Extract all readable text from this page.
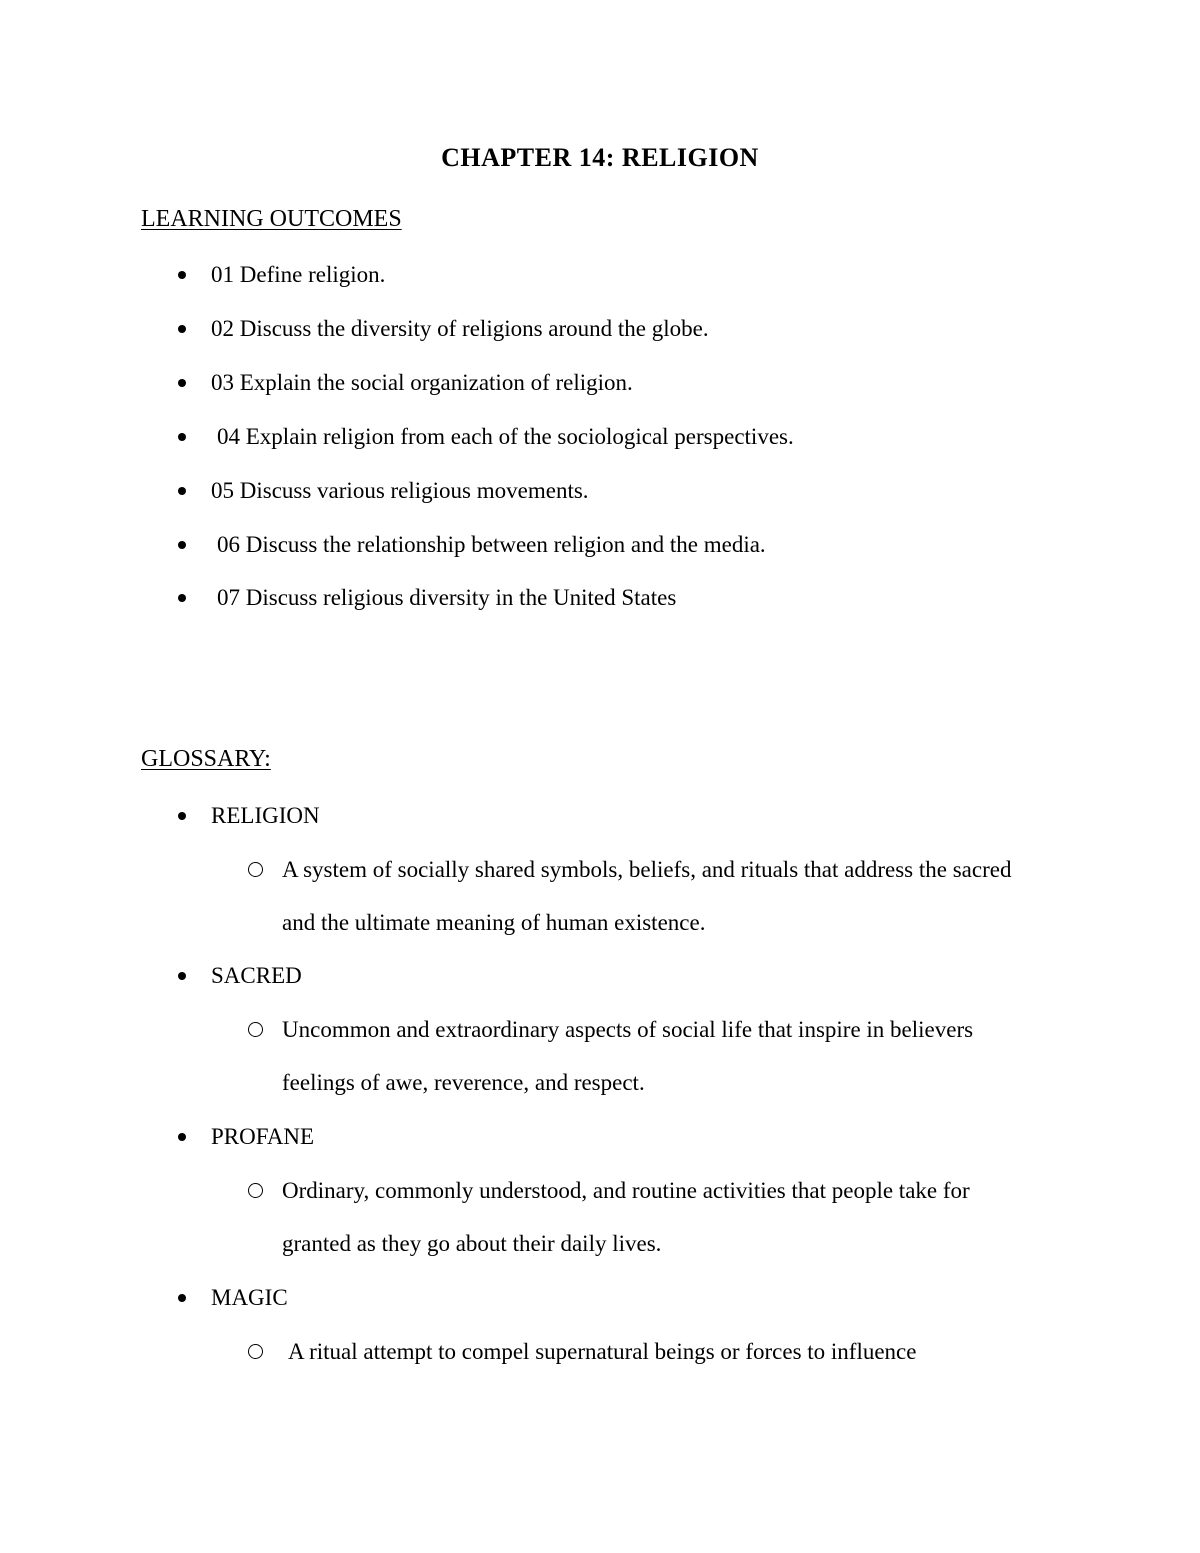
CHAPTER 14: RELIGION
LEARNING OUTCOMES
01 Define religion.
02 Discuss the diversity of religions around the globe.
03 Explain the social organization of religion.
04 Explain religion from each of the sociological perspectives.
05 Discuss various religious movements.
06 Discuss the relationship between religion and the media.
07 Discuss religious diversity in the United States
GLOSSARY:
RELIGION
A system of socially shared symbols, beliefs, and rituals that address the sacred and the ultimate meaning of human existence.
SACRED
Uncommon and extraordinary aspects of social life that inspire in believers feelings of awe, reverence, and respect.
PROFANE
Ordinary, commonly understood, and routine activities that people take for granted as they go about their daily lives.
MAGIC
A ritual attempt to compel supernatural beings or forces to influence
